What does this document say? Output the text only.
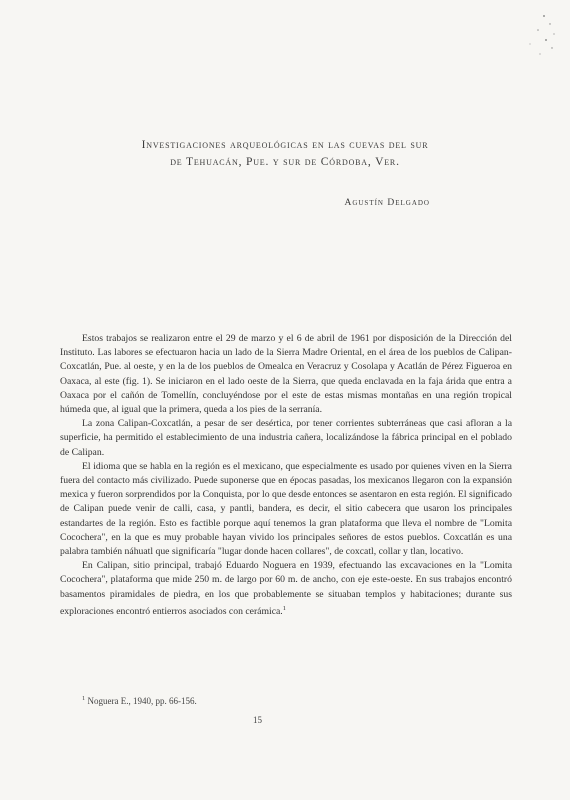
Investigaciones arqueológicas en las cuevas del sur
de Tehuacán, Pue. y sur de Córdoba, Ver.
Agustín Delgado

Estos trabajos se realizaron entre el 29 de marzo y el 6 de abril de 1961 por disposición de la Dirección del Instituto. Las labores se efectuaron hacia un lado de la Sierra Madre Oriental, en el área de los pueblos de Calipan-Coxcatlán, Pue. al oeste, y en la de los pueblos de Omealca en Veracruz y Cosolapa y Acatlán de Pérez Figueroa en Oaxaca, al este (fig. 1). Se iniciaron en el lado oeste de la Sierra, que queda enclavada en la faja árida que entra a Oaxaca por el cañón de Tomellín, concluyéndose por el este de estas mismas montañas en una región tropical húmeda que, al igual que la primera, queda a los pies de la serranía.

La zona Calipan-Coxcatlán, a pesar de ser desértica, por tener corrientes subterráneas que casi afloran a la superficie, ha permitido el establecimiento de una industria cañera, localizándose la fábrica principal en el poblado de Calipan.

El idioma que se habla en la región es el mexicano, que especialmente es usado por quienes viven en la Sierra fuera del contacto más civilizado. Puede suponerse que en épocas pasadas, los mexicanos llegaron con la expansión mexica y fueron sorprendidos por la Conquista, por lo que desde entonces se asentaron en esta región. El significado de Calipan puede venir de calli, casa, y pantli, bandera, es decir, el sitio cabecera que usaron los principales estandartes de la región. Esto es factible porque aquí tenemos la gran plataforma que lleva el nombre de "Lomita Cocochera", en la que es muy probable hayan vivido los principales señores de estos pueblos. Coxcatlán es una palabra también náhuatl que significaría "lugar donde hacen collares", de coxcatl, collar y tlan, locativo.

En Calipan, sitio principal, trabajó Eduardo Noguera en 1939, efectuando las excavaciones en la "Lomita Cocochera", plataforma que mide 250 m. de largo por 60 m. de ancho, con eje este-oeste. En sus trabajos encontró basamentos piramidales de piedra, en los que probablemente se situaban templos y habitaciones; durante sus exploraciones encontró entierros asociados con cerámica.$^1$

$^1$ Noguera E., 1940, pp. 66-156.
15
